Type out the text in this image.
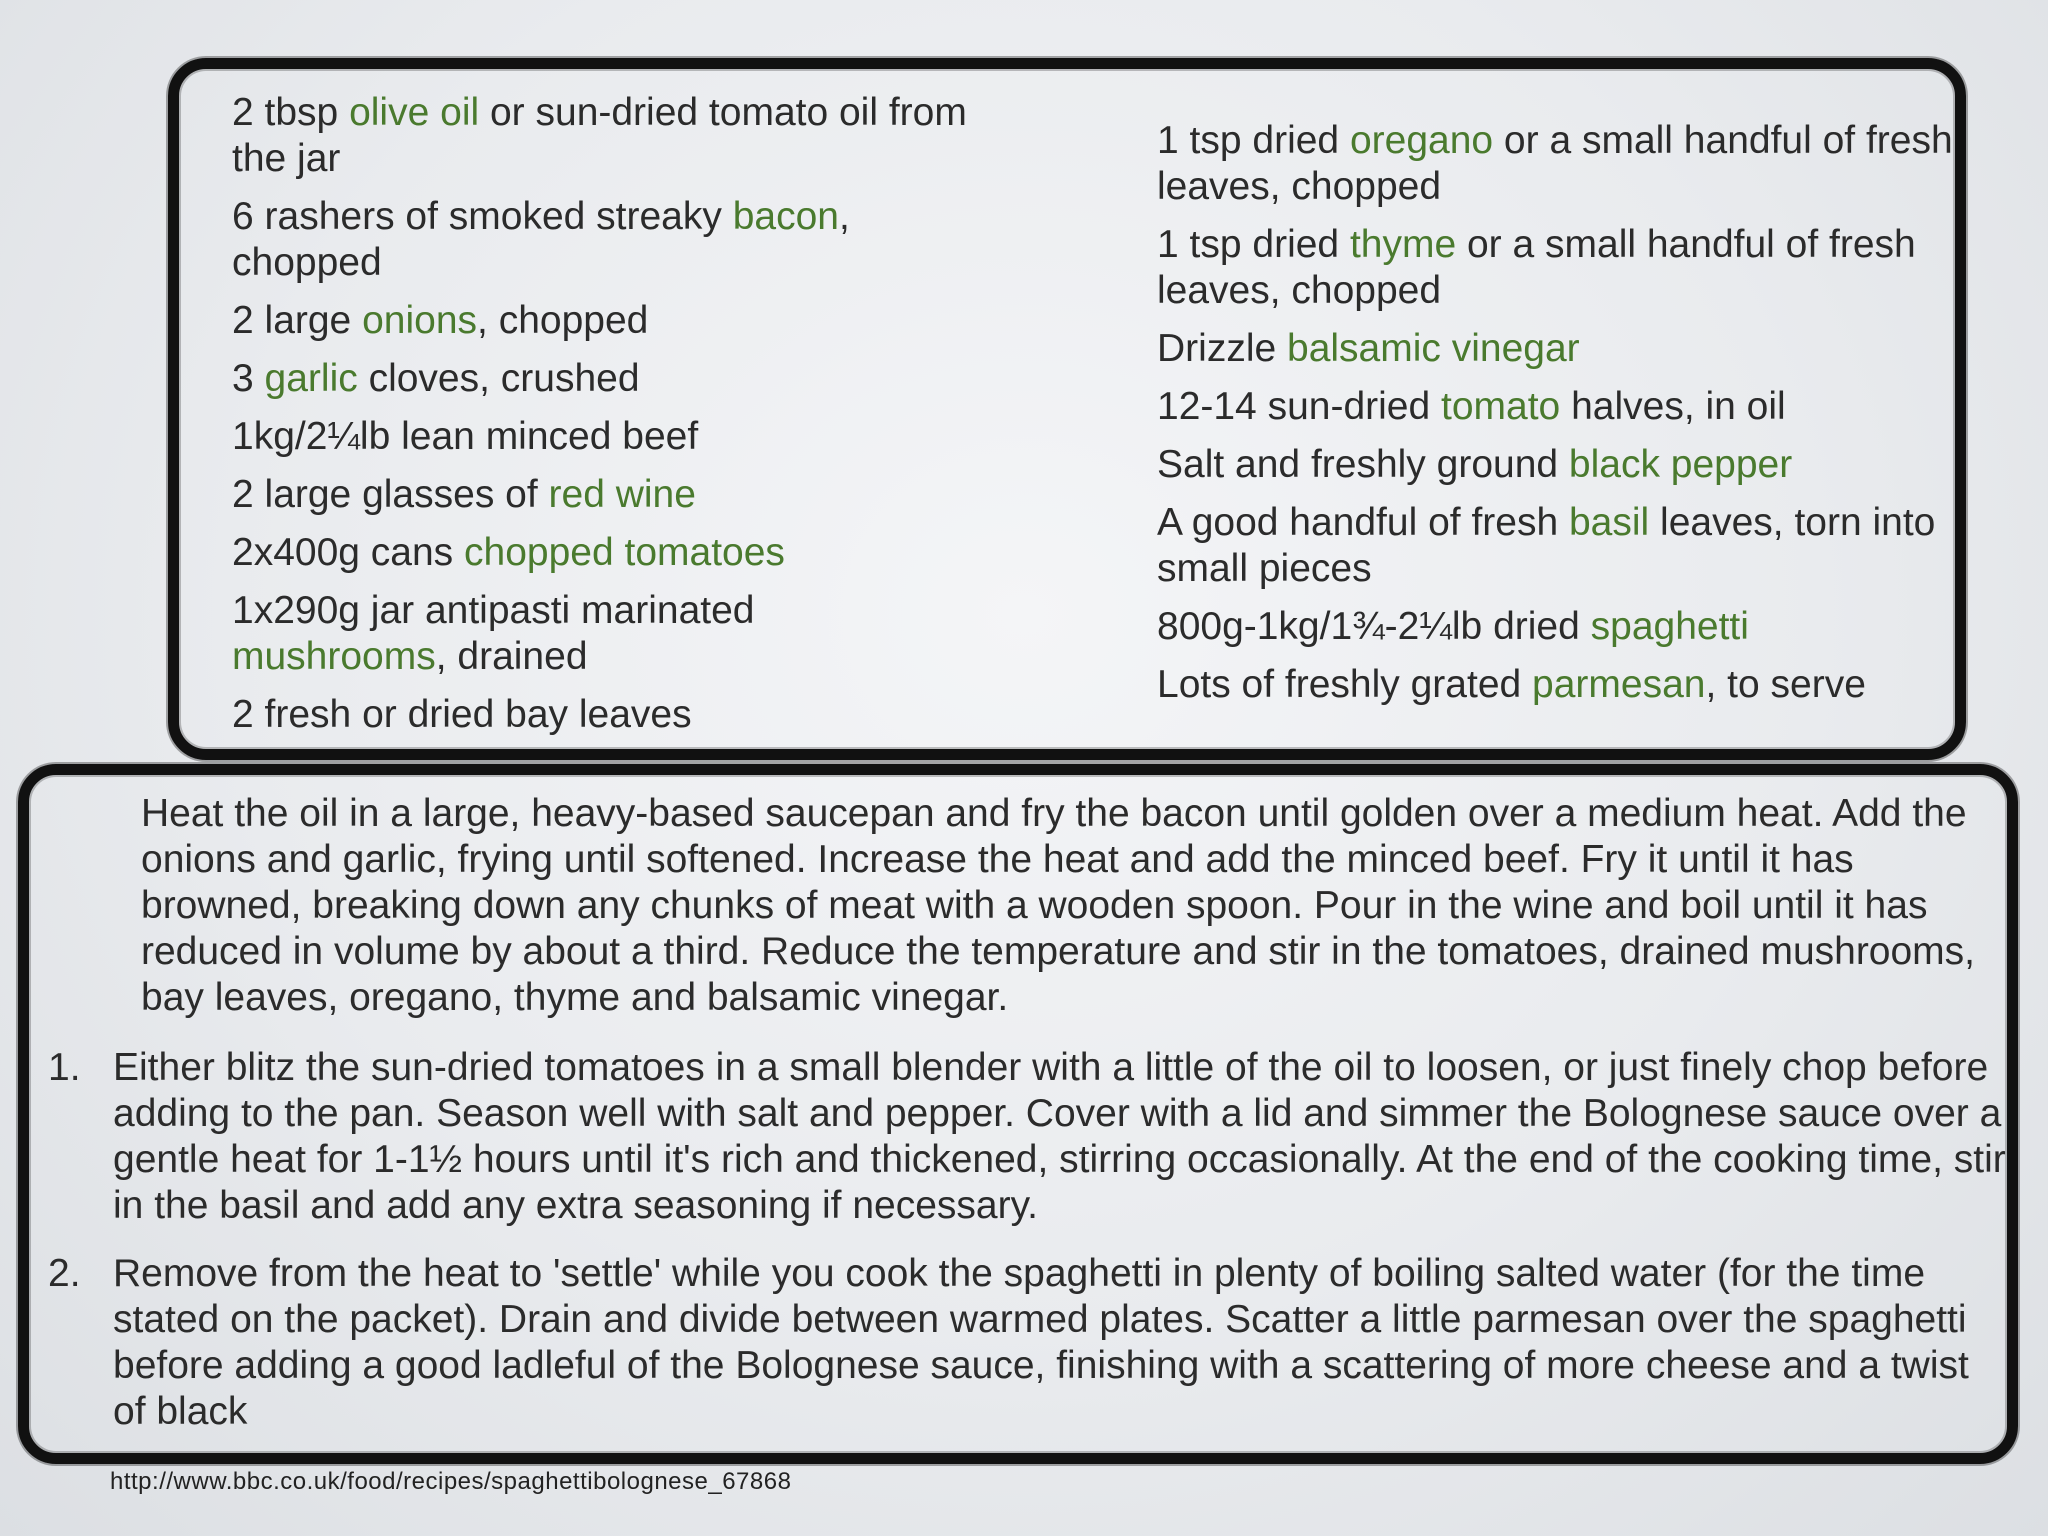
2 tbsp olive oil or sun-dried tomato oil from the jar
6 rashers of smoked streaky bacon, chopped
2 large onions, chopped
3 garlic cloves, crushed
1kg/2¼lb lean minced beef
2 large glasses of red wine
2x400g cans chopped tomatoes
1x290g jar antipasti marinated mushrooms, drained
2 fresh or dried bay leaves
1 tsp dried oregano or a small handful of fresh leaves, chopped
1 tsp dried thyme or a small handful of fresh leaves, chopped
Drizzle balsamic vinegar
12-14 sun-dried tomato halves, in oil
Salt and freshly ground black pepper
A good handful of fresh basil leaves, torn into small pieces
800g-1kg/1¾-2¼lb dried spaghetti
Lots of freshly grated parmesan, to serve

Heat the oil in a large, heavy-based saucepan and fry the bacon until golden over a medium heat. Add the onions and garlic, frying until softened. Increase the heat and add the minced beef. Fry it until it has browned, breaking down any chunks of meat with a wooden spoon. Pour in the wine and boil until it has reduced in volume by about a third. Reduce the temperature and stir in the tomatoes, drained mushrooms, bay leaves, oregano, thyme and balsamic vinegar.

1. Either blitz the sun-dried tomatoes in a small blender with a little of the oil to loosen, or just finely chop before adding to the pan. Season well with salt and pepper. Cover with a lid and simmer the Bolognese sauce over a gentle heat for 1-1½ hours until it's rich and thickened, stirring occasionally. At the end of the cooking time, stir in the basil and add any extra seasoning if necessary.
2. Remove from the heat to 'settle' while you cook the spaghetti in plenty of boiling salted water (for the time stated on the packet). Drain and divide between warmed plates. Scatter a little parmesan over the spaghetti before adding a good ladleful of the Bolognese sauce, finishing with a scattering of more cheese and a twist of black
http://www.bbc.co.uk/food/recipes/spaghettibolognese_67868
